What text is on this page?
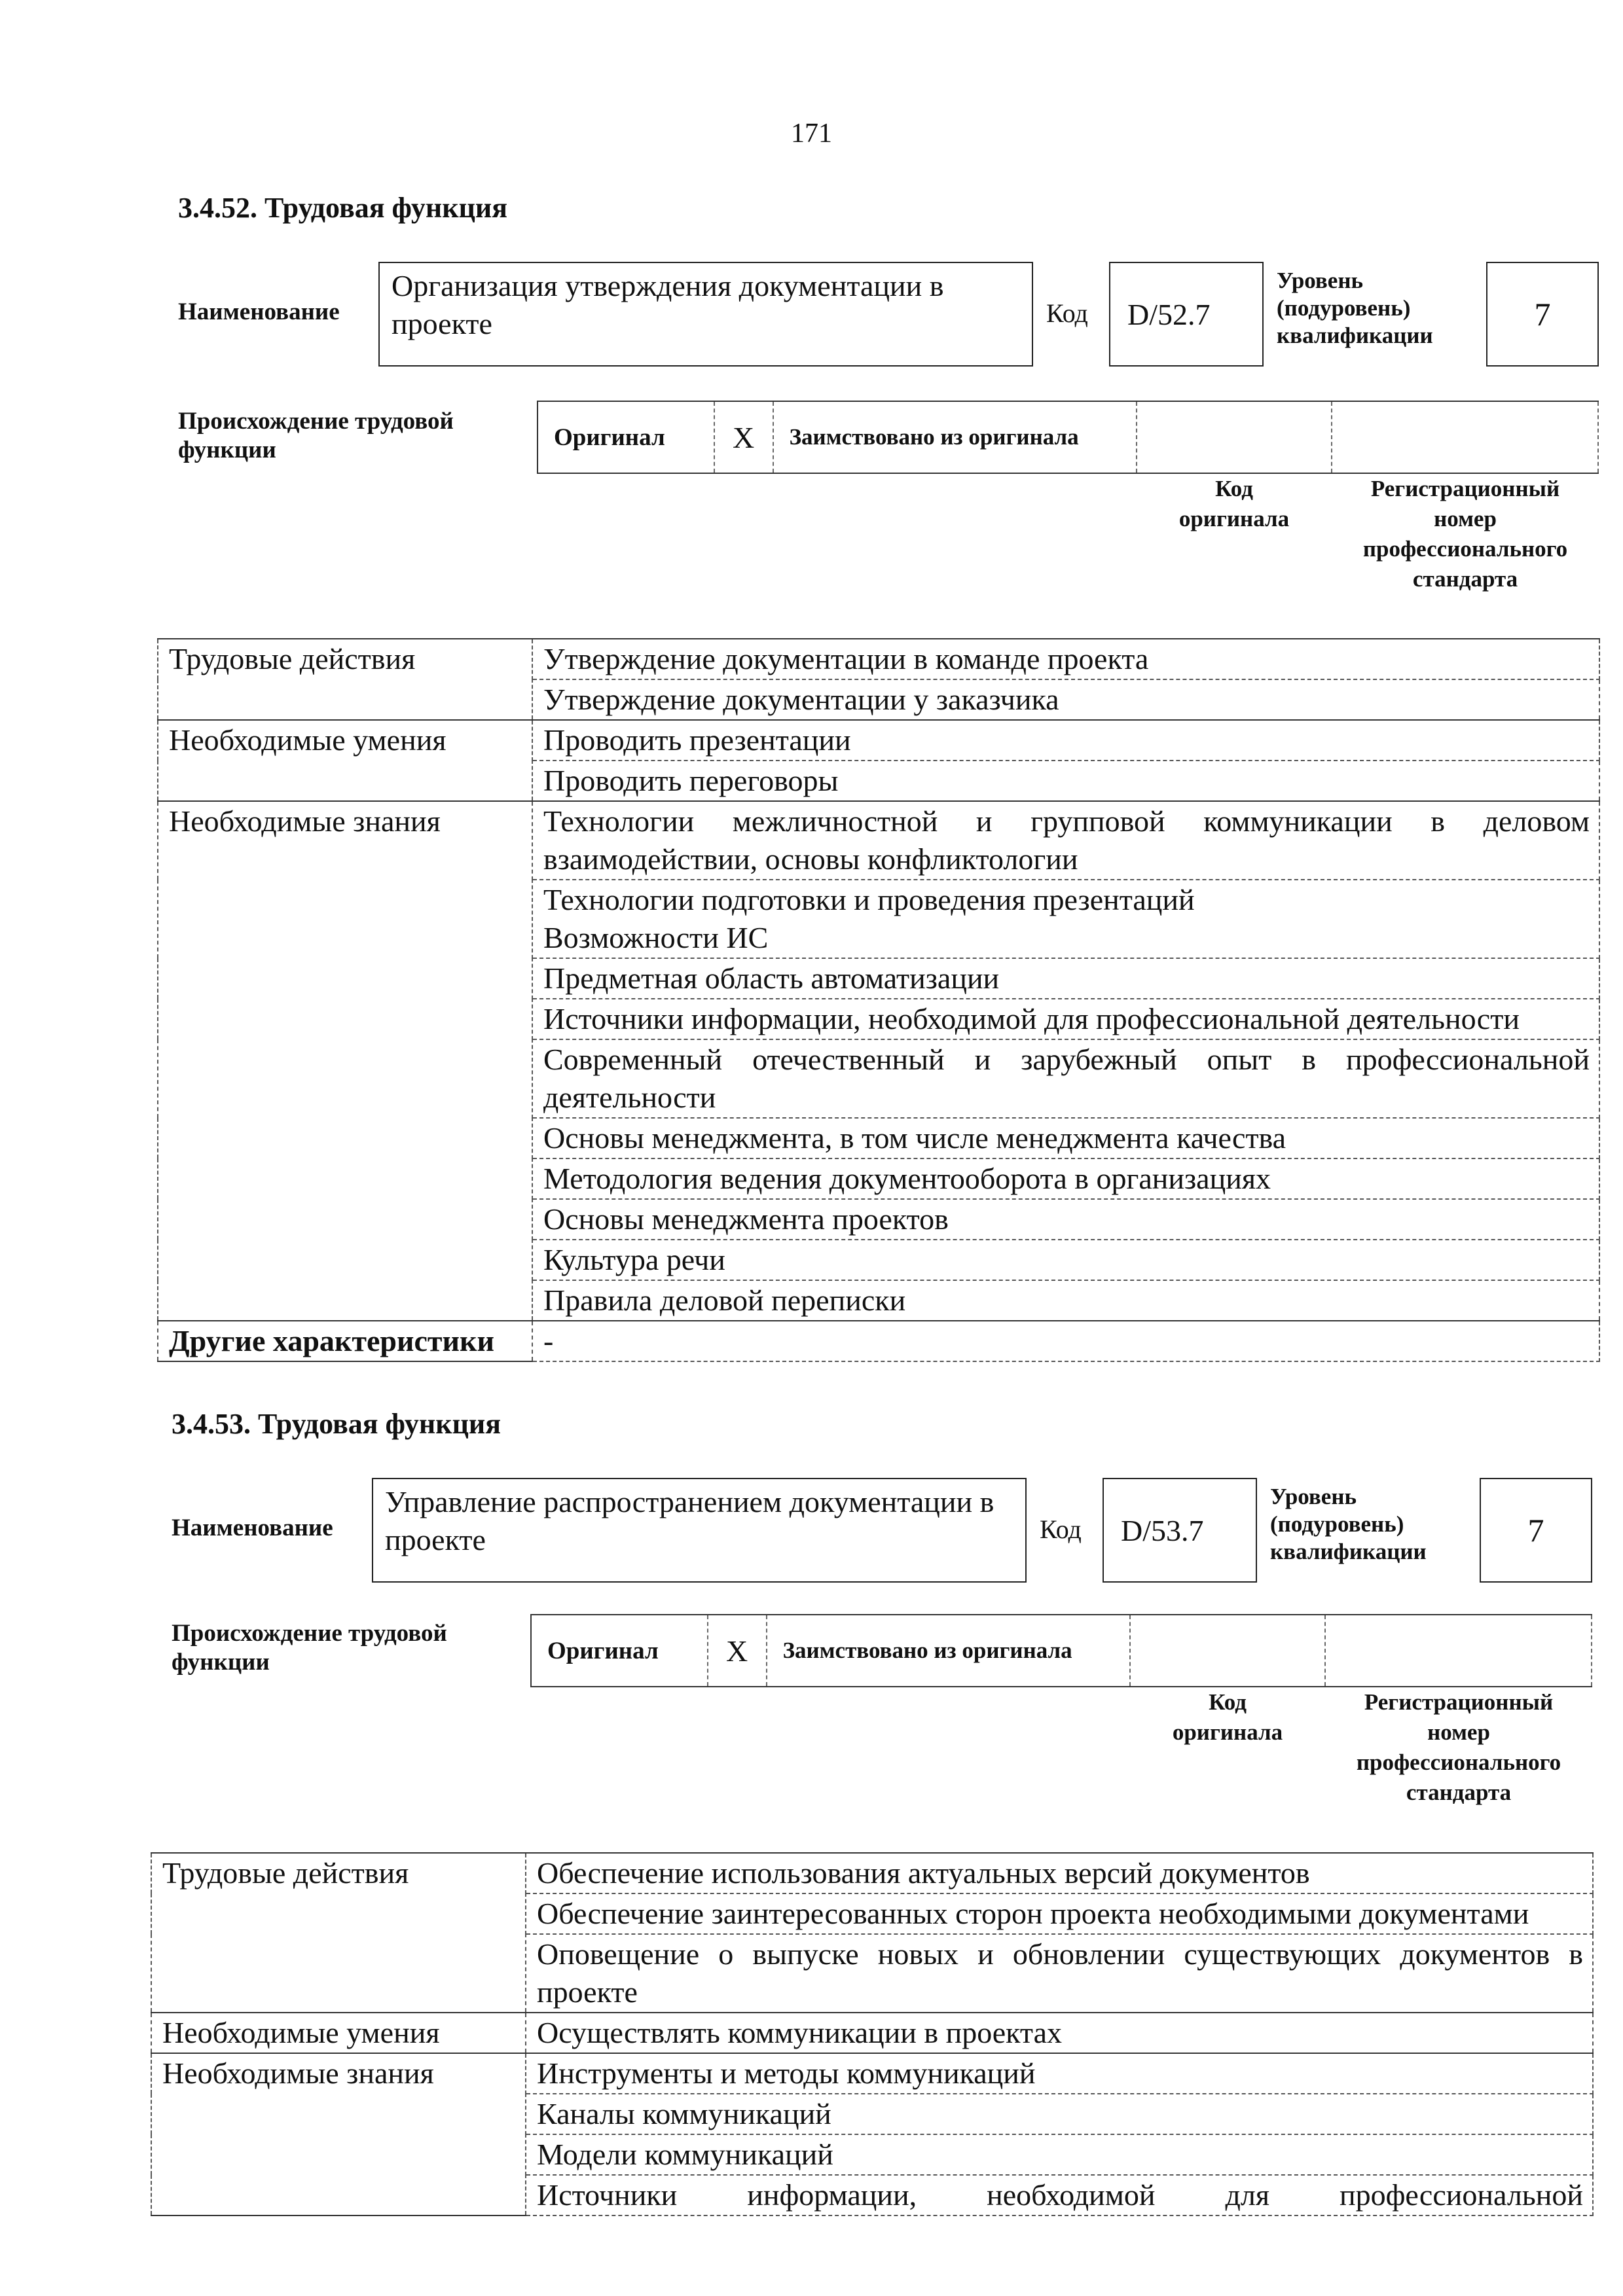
171
3.4.52. Трудовая функция
Наименование
Организация утверждения документации в проекте	Код	D/52.7
Уровень
(подуровень)
квалификации
7
Происхождение трудовой
функции	Оригинал	X	Заимствовано из оригинала
Код
оригинала
Регистрационный
номер
профессионального
стандарта
Трудовые действия	Утверждение документации в команде проекта
	Утверждение документации у заказчика
Необходимые умения	Проводить презентации
	Проводить переговоры
Необходимые знания	Технологии межличностной и групповой коммуникации в деловом взаимодействии, основы конфликтологии

	Технологии подготовки и проведения презентаций
Возможности ИС

	Предметная область автоматизации
	Источники информации, необходимой для профессиональной деятельности
	Современный отечественный и зарубежный опыт в профессиональной деятельности
	Основы менеджмента, в том числе менеджмента качества
	Методология ведения документооборота в организациях
	Основы менеджмента проектов
	Культура речи
	Правила деловой переписки
Другие характеристики	-
3.4.53. Трудовая функция
Наименование
Управление распространением документации в проекте	Код	D/53.7
Уровень
(подуровень)
квалификации
7
Происхождение трудовой
функции	Оригинал	X	Заимствовано из оригинала
Код
оригинала
Регистрационный
номер
профессионального
стандарта
Трудовые действия	Обеспечение использования актуальных версий документов
	Обеспечение заинтересованных сторон проекта необходимыми документами
	Оповещение о выпуске новых и обновлении существующих документов в проекте
Необходимые умения	Осуществлять коммуникации в проектах
Необходимые знания	Инструменты и методы коммуникаций
	Каналы коммуникаций
	Модели коммуникаций
	Источники информации, необходимой для профессиональной
